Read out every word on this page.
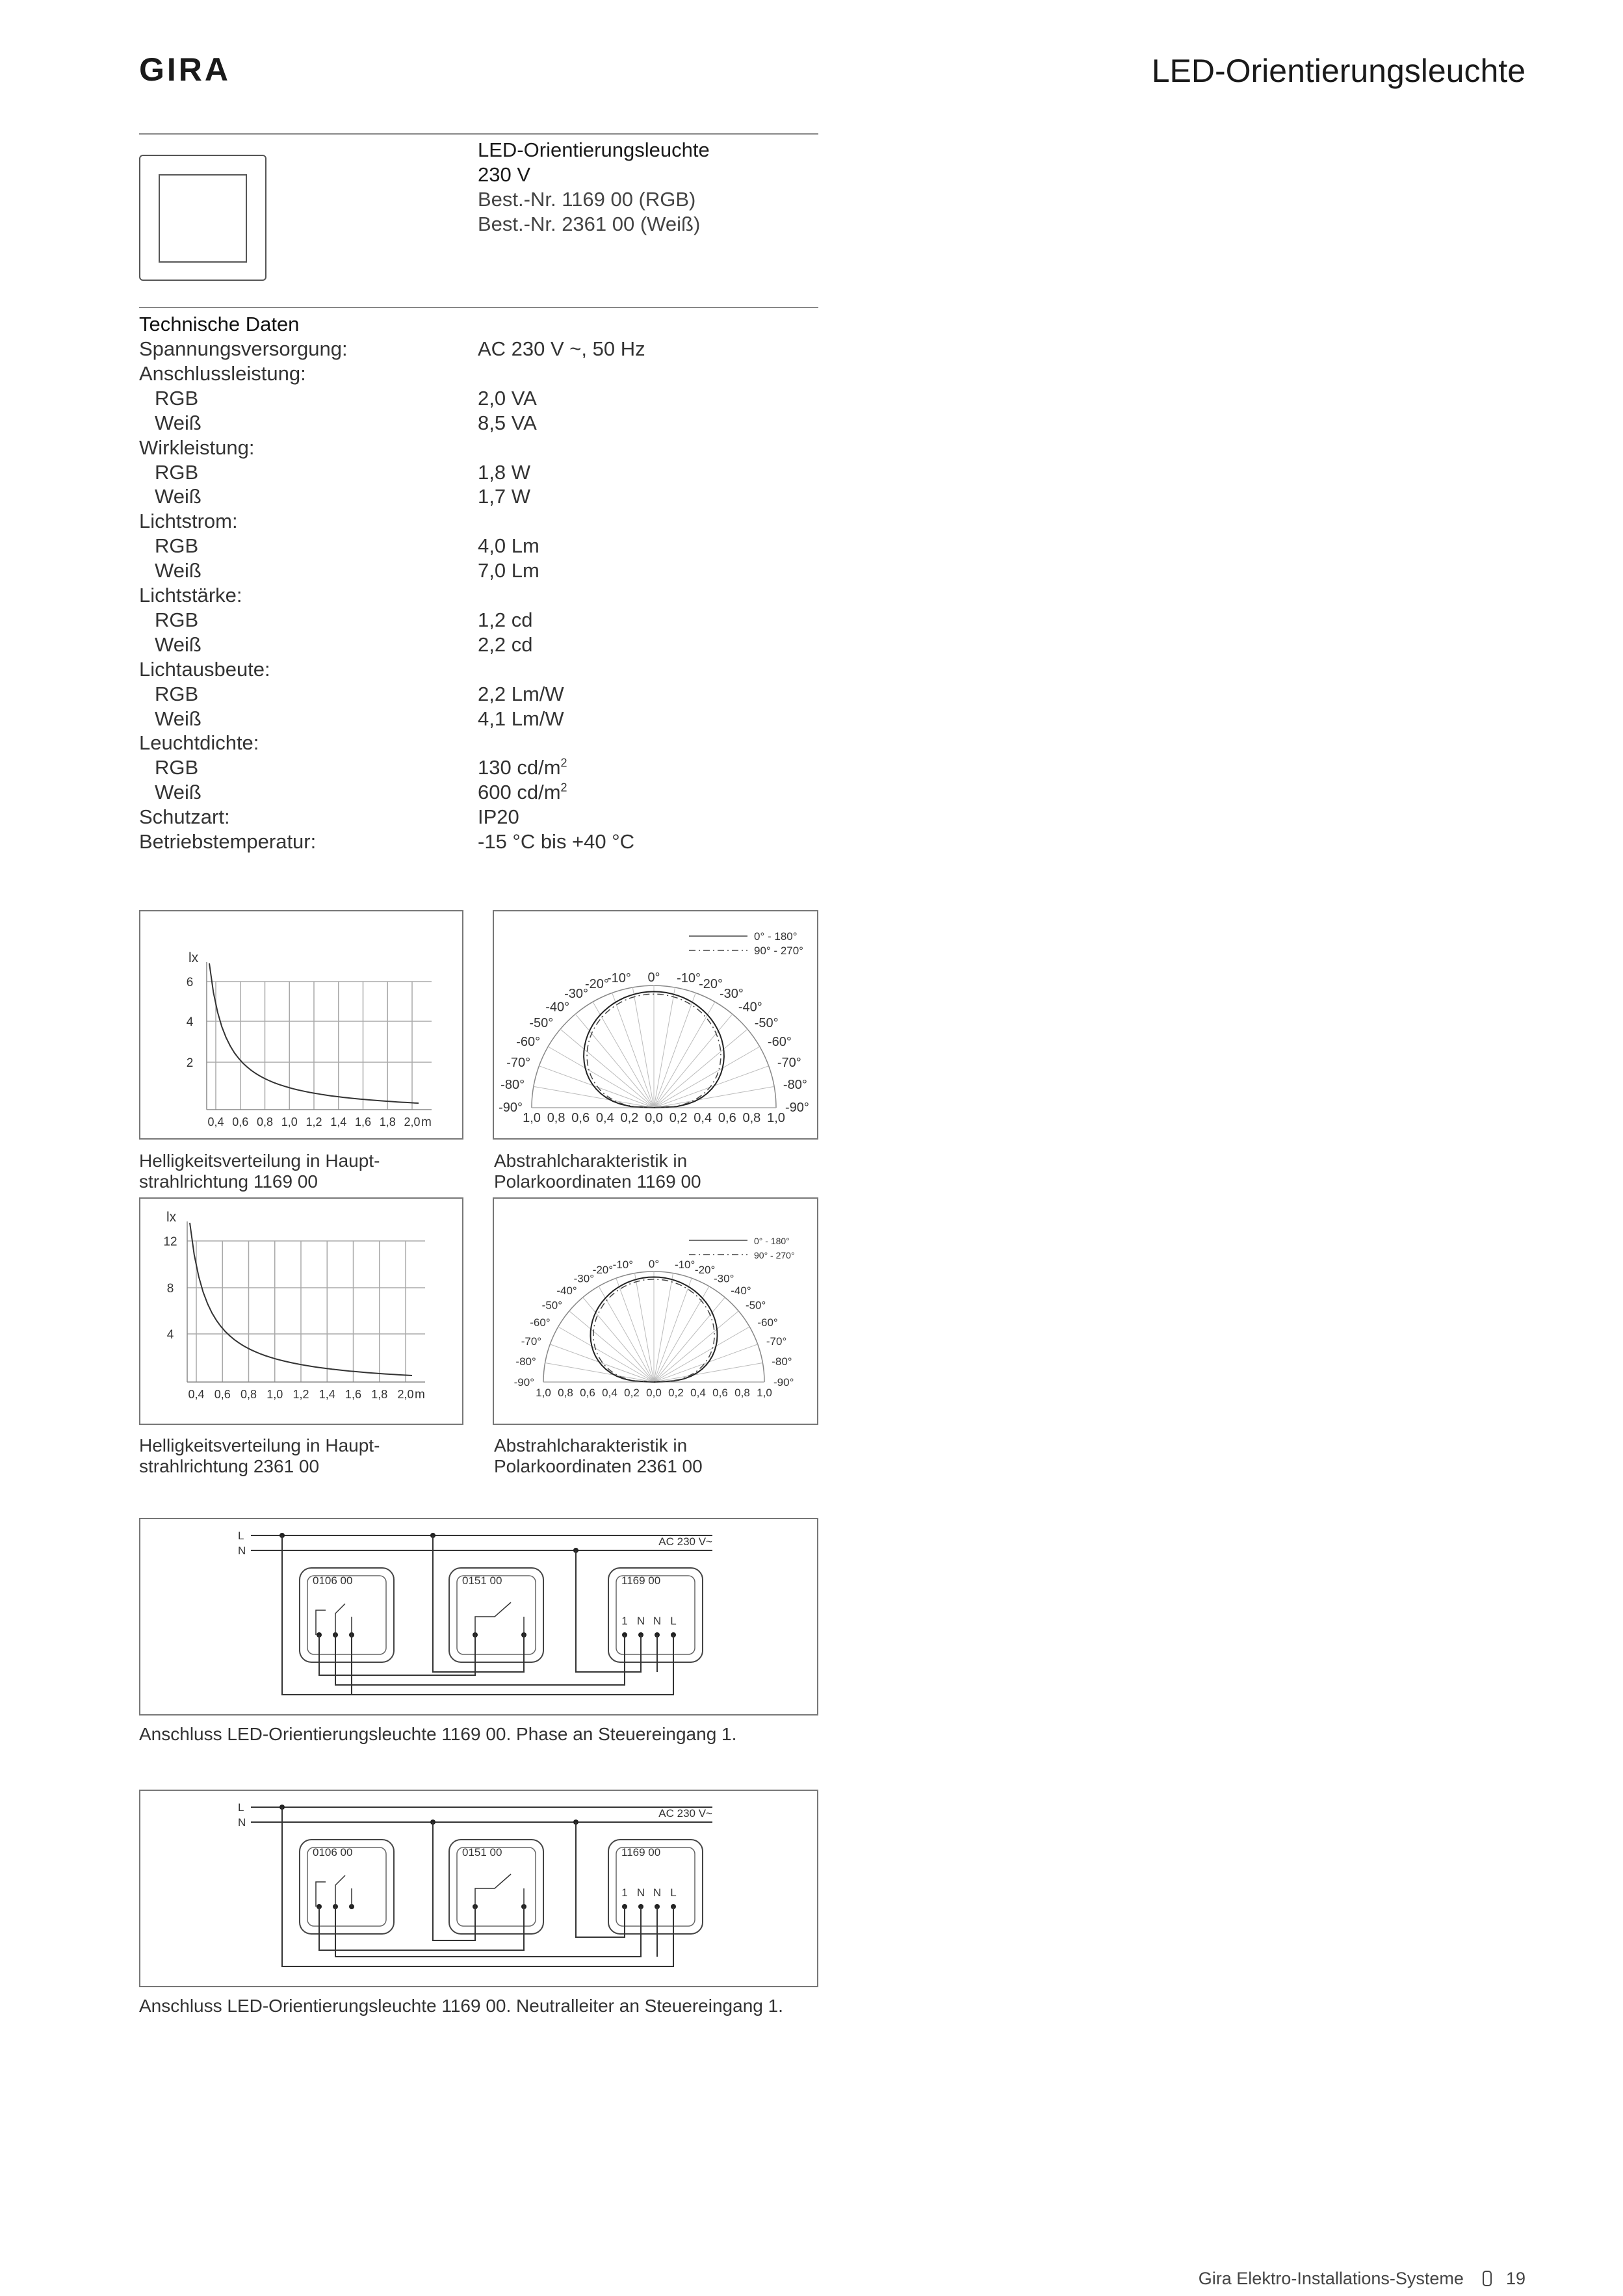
GIRA	LED-Orientierungsleuchte
LED-Orientierungsleuchte
230 V
Best.-Nr. 1169 00 (RGB)
Best.-Nr. 2361 00 (Weiß)
Technische Daten
Spannungsversorgung:	AC 230 V ~, 50 Hz
Anschlussleistung:
RGB	2,0 VA
Weiß	8,5 VA
Wirkleistung:
RGB	1,8 W
Weiß	1,7 W
Lichtstrom:
RGB	4,0 Lm
Weiß	7,0 Lm
Lichtstärke:
RGB	1,2 cd
Weiß	2,2 cd
Lichtausbeute:
RGB	2,2 Lm/W
Weiß	4,1 Lm/W
Leuchtdichte:
RGB	130 $cd/m^2$
Weiß	600 $cd/m^2$
Schutzart:	IP20
Betriebstemperatur:	-15 °C bis +40 °C
lx
6
4
2
0,4 0,6 0,8 1,0 1,2 1,4 1,6 1,8 2,0 m
Helligkeitsverteilung in Haupt-
strahlrichtung 1169 00
0° - 180°
90° - 270°
-90°
-80°
-70°
-60°
-50°
-40°
-30°
-20°
-10°
-90°
-80°
-70°
-60°
-50°
-40°
-30°
-20°
-10°
0°
1,0 0,8 0,6 0,4 0,2 0,0 0,2 0,4 0,6 0,8 1,0
Abstrahlcharakteristik in
Polarkoordinaten 1169 00
lx
12
8
4
0,4 0,6 0,8 1,0 1,2 1,4 1,6 1,8 2,0 m
Helligkeitsverteilung in Haupt-
strahlrichtung 2361 00
0° - 180°
90° - 270°
-90°
-80°
-70°
-60°
-50°
-40°
-30°
-20° -10°
-90°
-80°
-70°
-60°
-50°
-40°
-30°
-20°
-10°
0°
1,0 0,8 0,6 0,4 0,2 0,0 0,2 0,4 0,6 0,8 1,0
Abstrahlcharakteristik in
Polarkoordinaten 2361 00
L
N
AC 230 V~
0106 00	0151 00	1169 00
1 N N L
Anschluss LED-Orientierungsleuchte 1169 00. Phase an Steuereingang 1.
L
N
AC 230 V~
0106 00	0151 00	1169 00
1 N N L
Anschluss LED-Orientierungsleuchte 1169 00. Neutralleiter an Steuereingang 1.
Gira Elektro-Installations-Systeme 19
